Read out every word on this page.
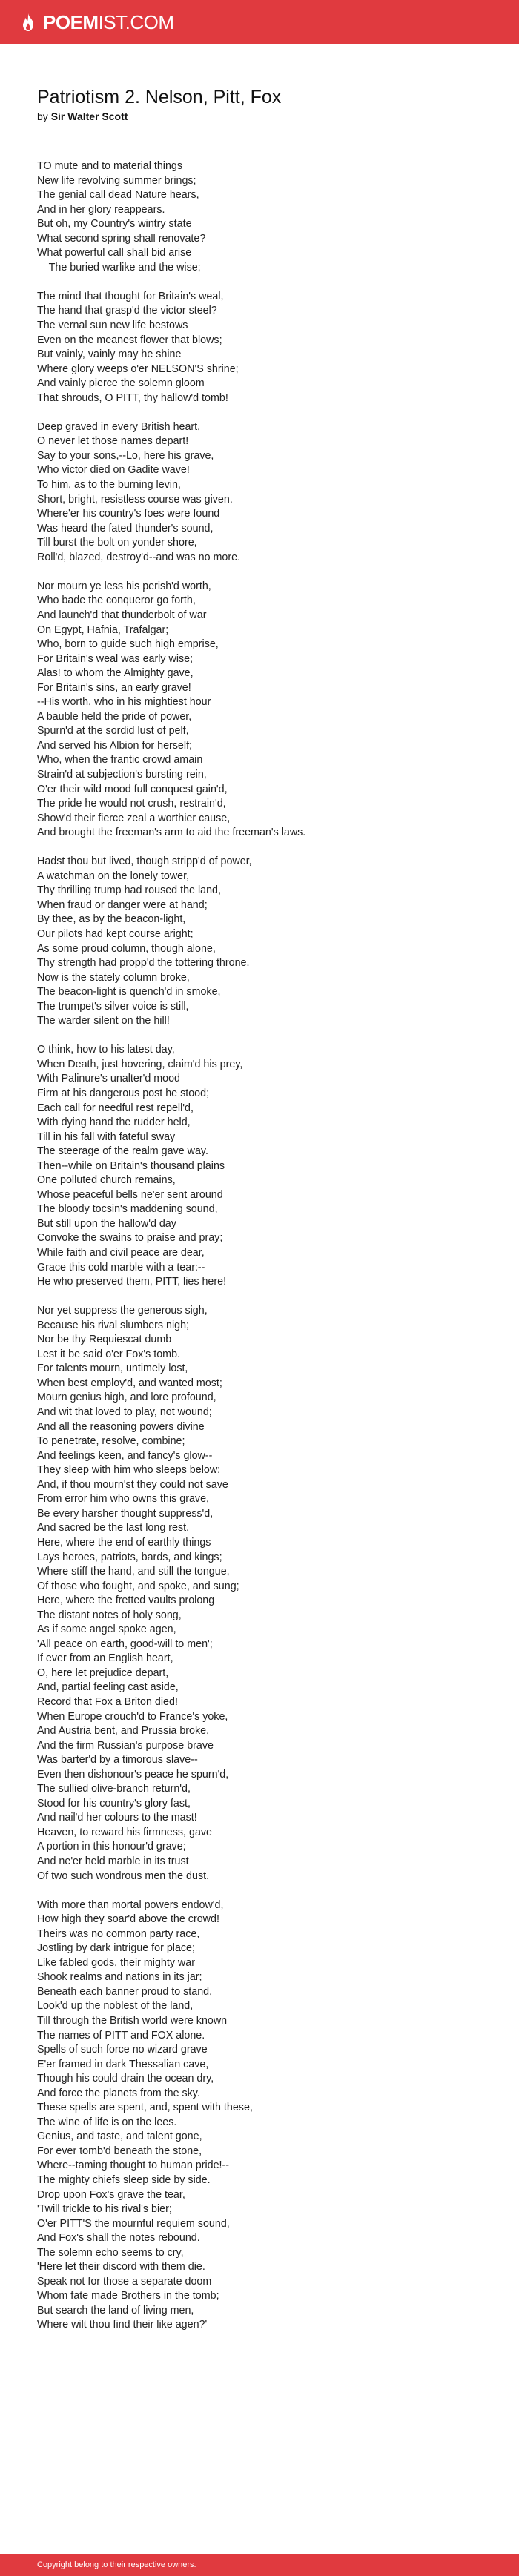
POEMIST.COM
Patriotism 2. Nelson, Pitt, Fox
by Sir Walter Scott
TO mute and to material things
New life revolving summer brings;
The genial call dead Nature hears,
And in her glory reappears.
But oh, my Country's wintry state
What second spring shall renovate?
What powerful call shall bid arise
The buried warlike and the wise;
The mind that thought for Britain's weal,
The hand that grasp'd the victor steel?
The vernal sun new life bestows
Even on the meanest flower that blows;
But vainly, vainly may he shine
Where glory weeps o'er NELSON'S shrine;
And vainly pierce the solemn gloom
That shrouds, O PITT, thy hallow'd tomb!
Deep graved in every British heart,
O never let those names depart!
Say to your sons,--Lo, here his grave,
Who victor died on Gadite wave!
To him, as to the burning levin,
Short, bright, resistless course was given.
Where'er his country's foes were found
Was heard the fated thunder's sound,
Till burst the bolt on yonder shore,
Roll'd, blazed, destroy'd--and was no more.
Nor mourn ye less his perish'd worth,
Who bade the conqueror go forth,
And launch'd that thunderbolt of war
On Egypt, Hafnia, Trafalgar;
Who, born to guide such high emprise,
For Britain's weal was early wise;
Alas! to whom the Almighty gave,
For Britain's sins, an early grave!
--His worth, who in his mightiest hour
A bauble held the pride of power,
Spurn'd at the sordid lust of pelf,
And served his Albion for herself;
Who, when the frantic crowd amain
Strain'd at subjection's bursting rein,
O'er their wild mood full conquest gain'd,
The pride he would not crush, restrain'd,
Show'd their fierce zeal a worthier cause,
And brought the freeman's arm to aid the freeman's laws.
Hadst thou but lived, though stripp'd of power,
A watchman on the lonely tower,
Thy thrilling trump had roused the land,
When fraud or danger were at hand;
By thee, as by the beacon-light,
Our pilots had kept course aright;
As some proud column, though alone,
Thy strength had propp'd the tottering throne.
Now is the stately column broke,
The beacon-light is quench'd in smoke,
The trumpet's silver voice is still,
The warder silent on the hill!
O think, how to his latest day,
When Death, just hovering, claim'd his prey,
With Palinure's unalter'd mood
Firm at his dangerous post he stood;
Each call for needful rest repell'd,
With dying hand the rudder held,
Till in his fall with fateful sway
The steerage of the realm gave way.
Then--while on Britain's thousand plains
One polluted church remains,
Whose peaceful bells ne'er sent around
The bloody tocsin's maddening sound,
But still upon the hallow'd day
Convoke the swains to praise and pray;
While faith and civil peace are dear,
Grace this cold marble with a tear:--
He who preserved them, PITT, lies here!
Nor yet suppress the generous sigh,
Because his rival slumbers nigh;
Nor be thy Requiescat dumb
Lest it be said o'er Fox's tomb.
For talents mourn, untimely lost,
When best employ'd, and wanted most;
Mourn genius high, and lore profound,
And wit that loved to play, not wound;
And all the reasoning powers divine
To penetrate, resolve, combine;
And feelings keen, and fancy's glow--
They sleep with him who sleeps below:
And, if thou mourn'st they could not save
From error him who owns this grave,
Be every harsher thought suppress'd,
And sacred be the last long rest.
Here, where the end of earthly things
Lays heroes, patriots, bards, and kings;
Where stiff the hand, and still the tongue,
Of those who fought, and spoke, and sung;
Here, where the fretted vaults prolong
The distant notes of holy song,
As if some angel spoke agen,
'All peace on earth, good-will to men';
If ever from an English heart,
O, here let prejudice depart,
And, partial feeling cast aside,
Record that Fox a Briton died!
When Europe crouch'd to France's yoke,
And Austria bent, and Prussia broke,
And the firm Russian's purpose brave
Was barter'd by a timorous slave--
Even then dishonour's peace he spurn'd,
The sullied olive-branch return'd,
Stood for his country's glory fast,
And nail'd her colours to the mast!
Heaven, to reward his firmness, gave
A portion in this honour'd grave;
And ne'er held marble in its trust
Of two such wondrous men the dust.
With more than mortal powers endow'd,
How high they soar'd above the crowd!
Theirs was no common party race,
Jostling by dark intrigue for place;
Like fabled gods, their mighty war
Shook realms and nations in its jar;
Beneath each banner proud to stand,
Look'd up the noblest of the land,
Till through the British world were known
The names of PITT and FOX alone.
Spells of such force no wizard grave
E'er framed in dark Thessalian cave,
Though his could drain the ocean dry,
And force the planets from the sky.
These spells are spent, and, spent with these,
The wine of life is on the lees.
Genius, and taste, and talent gone,
For ever tomb'd beneath the stone,
Where--taming thought to human pride!--
The mighty chiefs sleep side by side.
Drop upon Fox's grave the tear,
'Twill trickle to his rival's bier;
O'er PITT'S the mournful requiem sound,
And Fox's shall the notes rebound.
The solemn echo seems to cry,
'Here let their discord with them die.
Speak not for those a separate doom
Whom fate made Brothers in the tomb;
But search the land of living men,
Where wilt thou find their like agen?'
Copyright belong to their respective owners.
